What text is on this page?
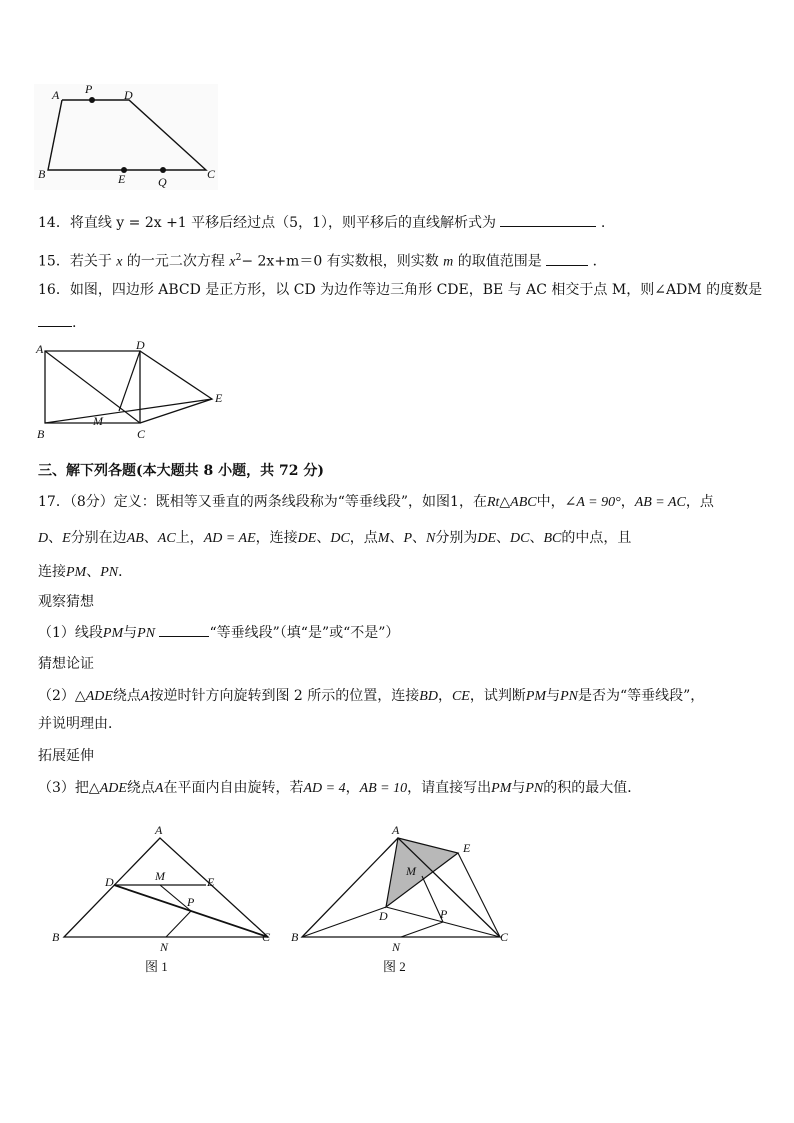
A P	D
B	E	Q
C
14．将直线 y = 2x +1 平移后经过点（5，1），则平移后的直线解析式为	.
15．若关于 x 的一元二次方程 $x^2- 2x+m=0$ 有实数根，则实数 m 的取值范围是	．
16．如图，四边形 ABCD 是正方形，以 CD 为边作等边三角形 CDE，BE 与 AC 相交于点 M，则∠ADM 的度数是
.
A	D
E
M
B	C
三、解下列各题(本大题共 8 小题，共 72 分)
17．（8分）定义：既相等又垂直的两条线段称为“等垂线段”，如图1，在Rt△ABC中，∠A = 90°，AB = AC，点
D、E分别在边AB、AC上，AD = AE，连接DE、DC，点M、P、N分别为DE、DC、BC的中点，且
连接PM、PN．
观察猜想
（1）线段PM与PN	“等垂线段”（填“是”或“不是”）
猜想论证
（2）△ADE绕点A按逆时针方向旋转到图 2 所示的位置，连接BD，CE，试判断PM与PN是否为“等垂线段”，
并说明理由．
拓展延伸
（3）把△ADE绕点A在平面内自由旋转，若AD = 4，AB = 10，请直接写出PM与PN的积的最大值．
A
D	M	E
P
B
N
C
图 1
A
E
M
D	P
B
N
C
图 2
